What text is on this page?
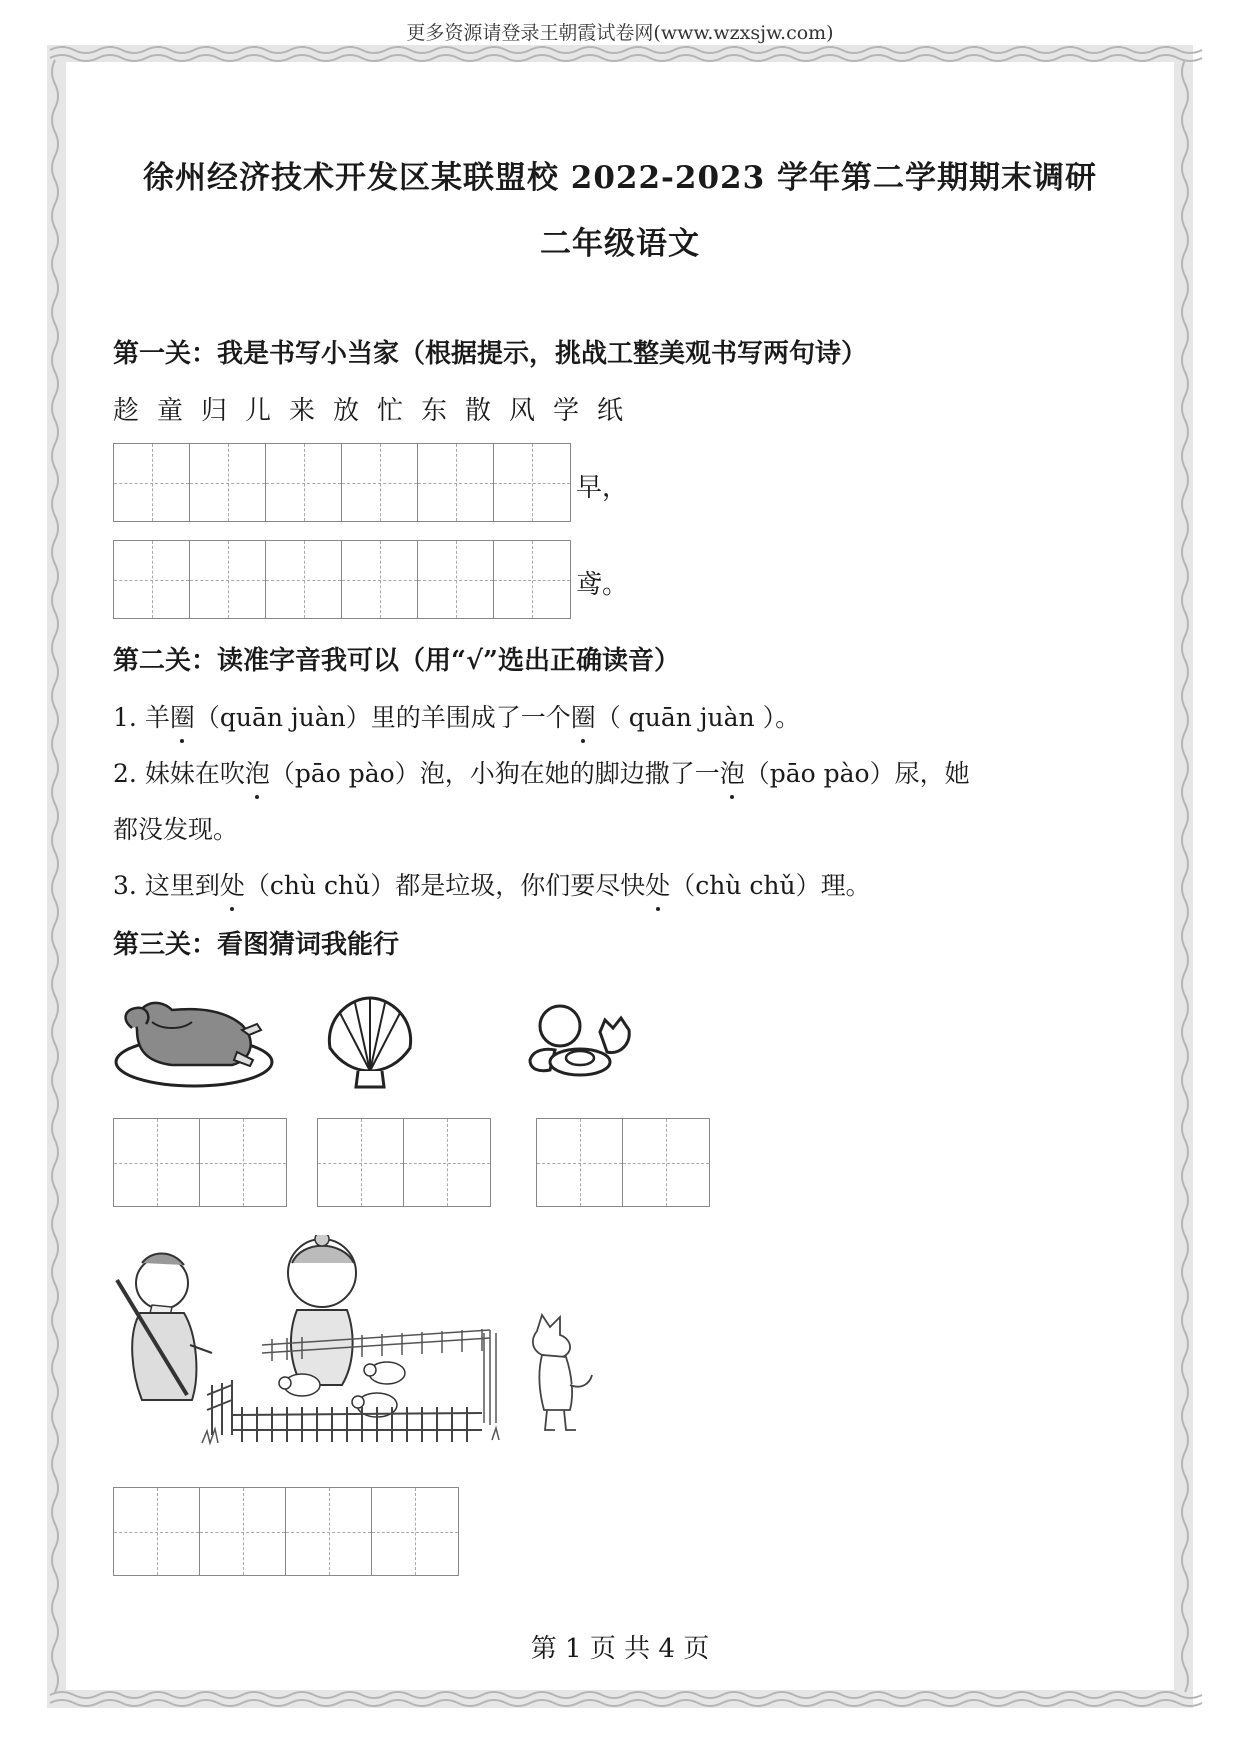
更多资源请登录王朝霞试卷网(www.wzxsjw.com)
徐州经济技术开发区某联盟校 2022-2023 学年第二学期期末调研
二年级语文
第一关：我是书写小当家（根据提示，挑战工整美观书写两句诗）
趁 童 归 儿 来 放 忙 东 散 风 学 纸
早，
鸢。
第二关：读准字音我可以（用“√”选出正确读音）
1. 羊圈（quān juàn）里的羊围成了一个圈（ quān juàn ）。
2. 妹妹在吹泡（pāo pào）泡，小狗在她的脚边撒了一泡（pāo pào）尿，她
都没发现。
3. 这里到处（chù chǔ）都是垃圾，你们要尽快处（chù chǔ）理。
第三关：看图猜词我能行
第 1 页 共 4 页
